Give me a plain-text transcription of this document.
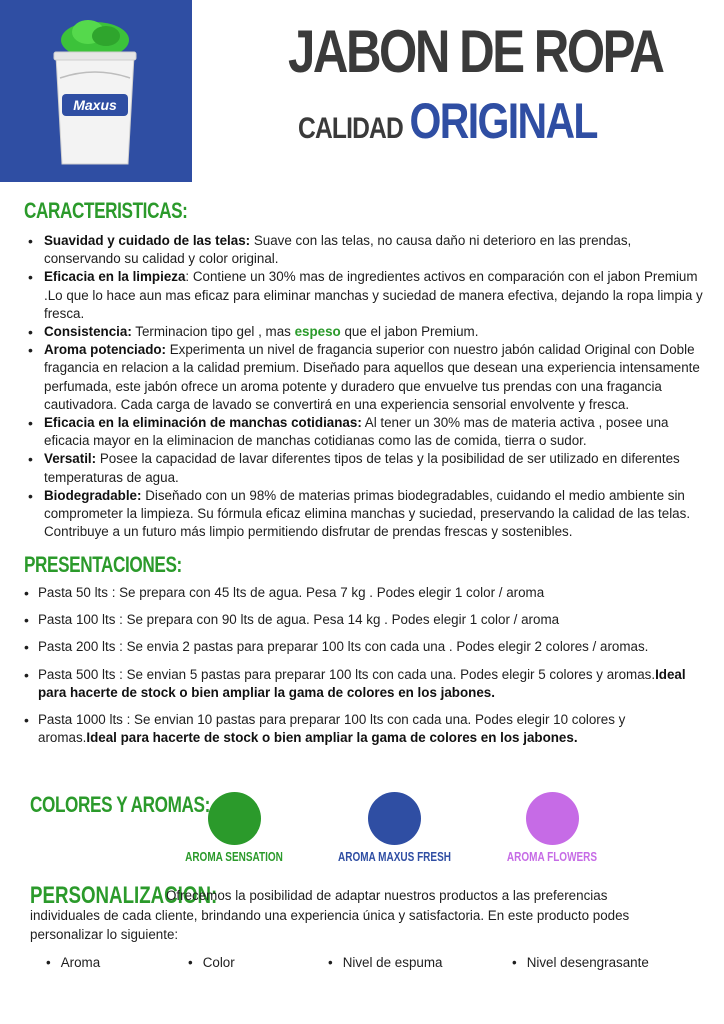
Maxus
JABON DE ROPA
CALIDAD ORIGINAL
CARACTERISTICAS:
• Suavidad y cuidado de las telas: Suave con las telas, no causa daňo ni deterioro en las prendas, conservando su calidad y color original.
• Eficacia en la limpieza: Contiene un 30% mas de ingredientes activos en comparación con el jabon Premium .Lo que lo hace aun mas eficaz para eliminar manchas y suciedad de manera efectiva, dejando la ropa limpia y fresca.
• Consistencia: Terminacion tipo gel , mas espeso que el jabon Premium.
• Aroma potenciado: Experimenta un nivel de fragancia superior con nuestro jabón calidad Original con Doble fragancia en relacion a la calidad premium. Diseňado para aquellos que desean una experiencia intensamente perfumada, este jabón ofrece un aroma potente y duradero que envuelve tus prendas con una fragancia cautivadora. Cada carga de lavado se convertirá en una experiencia sensorial envolvente y fresca.
• Eficacia en la eliminación de manchas cotidianas: Al tener un 30% mas de materia activa , posee una eficacia mayor en la eliminacion de manchas cotidianas como las de comida, tierra o sudor.
• Versatil: Posee la capacidad de lavar diferentes tipos de telas y la posibilidad de ser utilizado en diferentes temperaturas de agua.
• Biodegradable: Diseňado con un 98% de materias primas biodegradables, cuidando el medio ambiente sin comprometer la limpieza. Su fórmula eficaz elimina manchas y suciedad, preservando la calidad de las telas. Contribuye a un futuro más limpio permitiendo disfrutar de prendas frescas y sostenibles.
PRESENTACIONES:
• Pasta 50 lts : Se prepara con 45 lts de agua. Pesa 7 kg . Podes elegir 1 color / aroma
• Pasta 100 lts : Se prepara con 90 lts de agua. Pesa 14 kg . Podes elegir 1 color / aroma
• Pasta 200 lts : Se envia 2 pastas para preparar 100 lts con cada una . Podes elegir 2 colores / aromas.
• Pasta 500 lts : Se envian 5 pastas para preparar 100 lts con cada una. Podes elegir 5 colores y aromas.Ideal para hacerte de stock o bien ampliar la gama de colores en los jabones.
• Pasta 1000 lts : Se envian 10 pastas para preparar 100 lts con cada una. Podes elegir 10 colores y aromas.Ideal para hacerte de stock o bien ampliar la gama de colores en los jabones.
COLORES Y AROMAS:
AROMA SENSATION	AROMA MAXUS FRESH	AROMA FLOWERS
PERSONALIZACION:
Ofrecemos la posibilidad de adaptar nuestros productos a las preferencias individuales de cada cliente, brindando una experiencia única y satisfactoria. En este producto podes personalizar lo siguiente:
• Aroma	• Color	• Nivel de espuma	• Nivel desengrasante
